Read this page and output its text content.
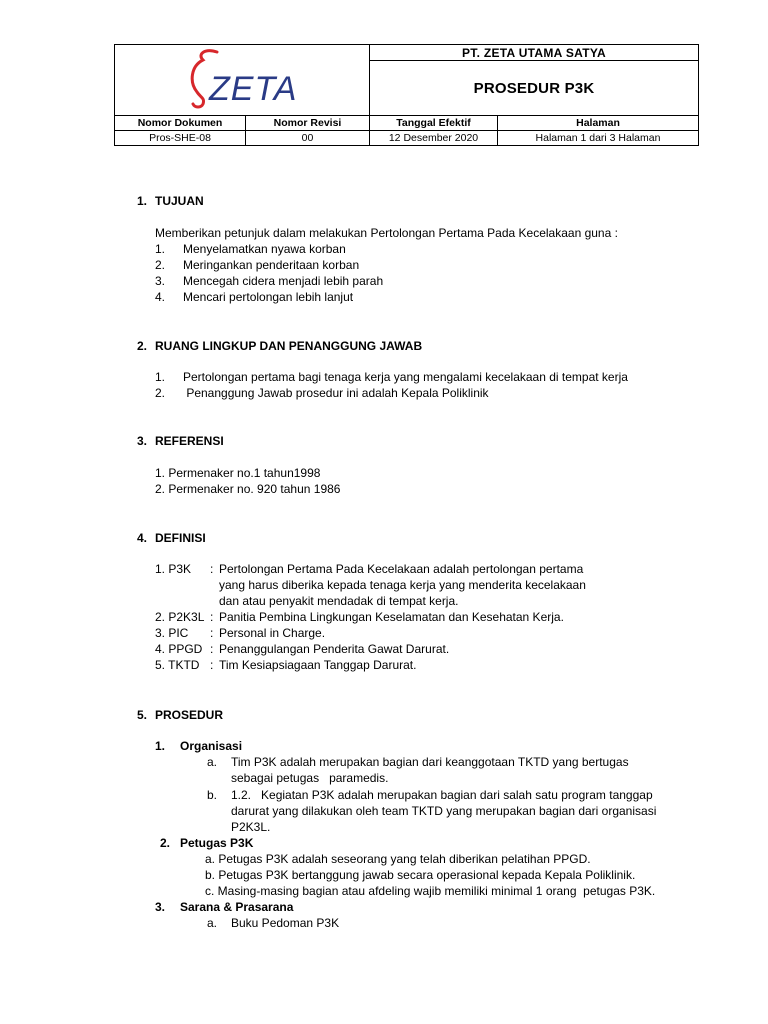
ZETA		PT. ZETA UTAMA SATYA	
		PROSEDUR P3K	

Nomor Dokumen	Nomor Revisi	Tanggal Efektif	Halaman
Pros-SHE-08	00	12 Desember 2020	Halaman 1 dari 3 Halaman
1. TUJUAN
Memberikan petunjuk dalam melakukan Pertolongan Pertama Pada Kecelakaan guna :
1. Menyelamatkan nyawa korban
2. Meringankan penderitaan korban
3. Mencegah cidera menjadi lebih parah
4. Mencari pertolongan lebih lanjut
2. RUANG LINGKUP DAN PENANGGUNG JAWAB
1. Pertolongan pertama bagi tenaga kerja yang mengalami kecelakaan di tempat kerja
2. Penanggung Jawab prosedur ini adalah Kepala Poliklinik
3. REFERENSI
1. Permenaker no.1 tahun1998
2. Permenaker no. 920 tahun 1986
4. DEFINISI
1. P3K : Pertolongan Pertama Pada Kecelakaan adalah pertolongan pertama
yang harus diberika kepada tenaga kerja yang menderita kecelakaan
dan atau penyakit mendadak di tempat kerja.
2. P2K3L : Panitia Pembina Lingkungan Keselamatan dan Kesehatan Kerja.
3. PIC : Personal in Charge.
4. PPGD : Penanggulangan Penderita Gawat Darurat.
5. TKTD : Tim Kesiapsiagaan Tanggap Darurat.
5. PROSEDUR
1. Organisasi
a. Tim P3K adalah merupakan bagian dari keanggotaan TKTD yang bertugas
sebagai petugas   paramedis.
b. 1.2.   Kegiatan P3K adalah merupakan bagian dari salah satu program tanggap
darurat yang dilakukan oleh team TKTD yang merupakan bagian dari organisasi
P2K3L.
2. Petugas P3K
a. Petugas P3K adalah seseorang yang telah diberikan pelatihan PPGD.
b. Petugas P3K bertanggung jawab secara operasional kepada Kepala Poliklinik.
c. Masing-masing bagian atau afdeling wajib memiliki minimal 1 orang  petugas P3K.
3. Sarana & Prasarana
a. Buku Pedoman P3K
